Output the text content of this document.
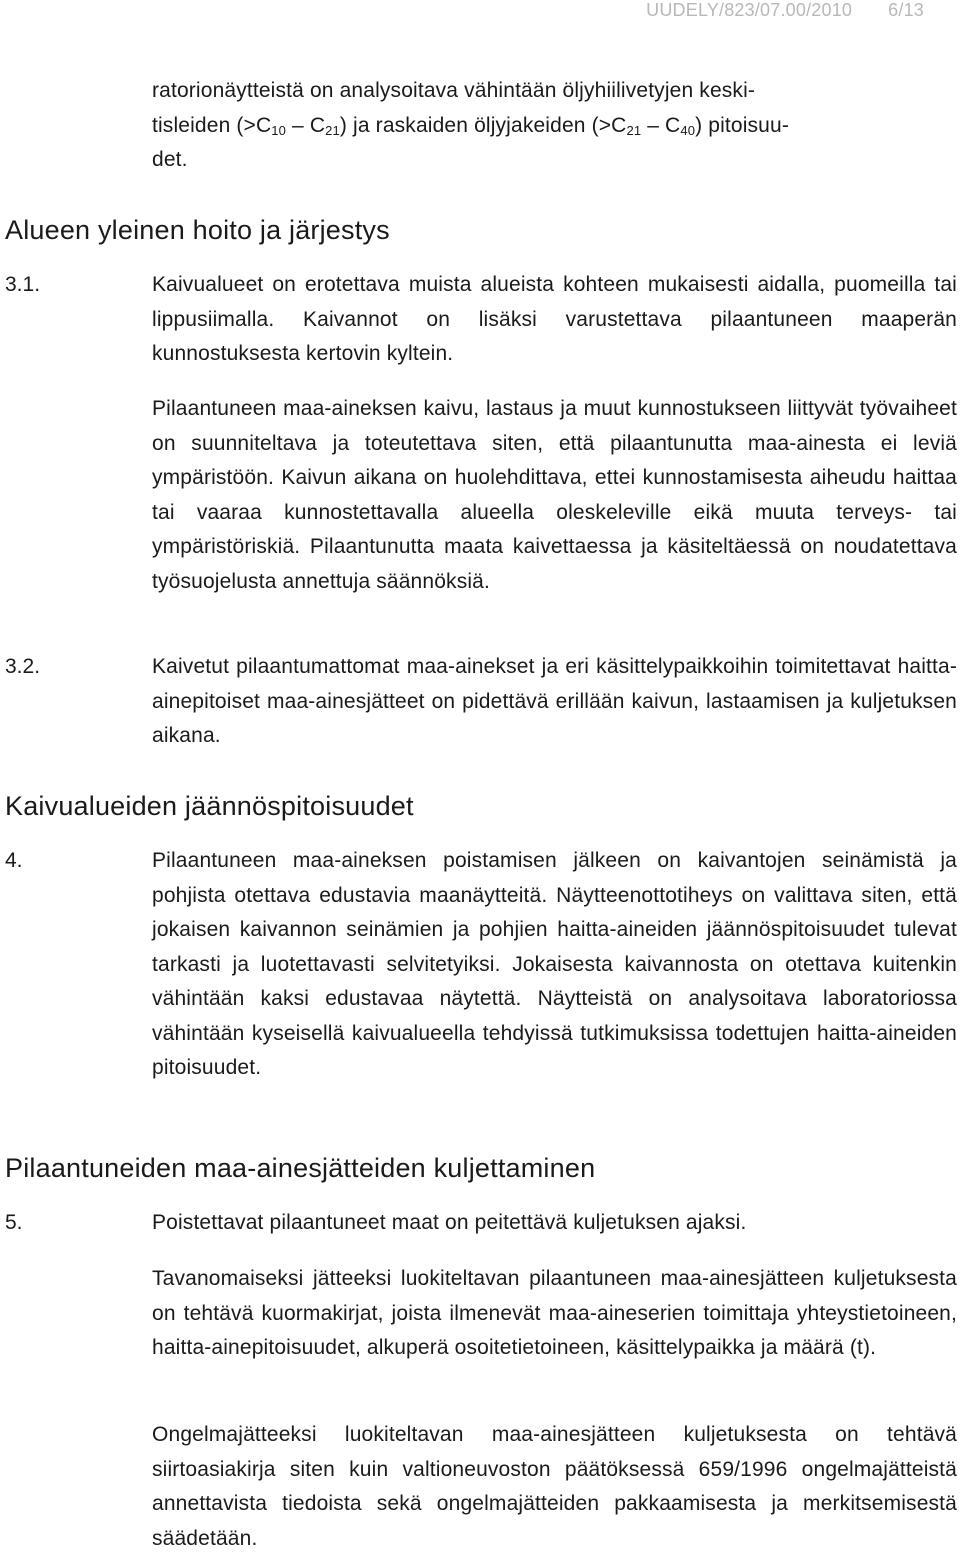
UUDELY/823/07.00/2010 6/13

ratorionäytteistä on analysoitava vähintään öljyhiilivetyjen keski-
tisleiden $(>C_{10} - C_{21})$ ja raskaiden öljyjakeiden $(>C_{21} - C_{40})$ pitoisuu-
det.

Alueen yleinen hoito ja järjestys
3.1.	Kaivualueet on erotettava muista alueista kohteen mukaisesti aidalla, puomeilla tai lippusiimalla. Kaivannot on lisäksi varustettava pilaantuneen maaperän kunnostuksesta kertovin kyltein.

Pilaantuneen maa-aineksen kaivu, lastaus ja muut kunnostukseen liittyvät työvaiheet on suunniteltava ja toteutettava siten, että pilaantunutta maa-ainesta ei leviä ympäristöön. Kaivun aikana on huolehdittava, ettei kunnostamisesta aiheudu haittaa tai vaaraa kunnostettavalla alueella oleskeleville eikä muuta terveys- tai ympäristöriskiä. Pilaantunutta maata kaivettaessa ja käsiteltäessä on noudatettava työsuojelusta annettuja säännöksiä.

3.2.	Kaivetut pilaantumattomat maa-ainekset ja eri käsittelypaikkoihin toimitettavat haitta-ainepitoiset maa-ainesjätteet on pidettävä erillään kaivun, lastaamisen ja kuljetuksen aikana.

Kaivualueiden jäännöspitoisuudet
4.	Pilaantuneen maa-aineksen poistamisen jälkeen on kaivantojen seinämistä ja pohjista otettava edustavia maanäytteitä. Näytteenottotiheys on valittava siten, että jokaisen kaivannon seinämien ja pohjien haitta-aineiden jäännöspitoisuudet tulevat tarkasti ja luotettavasti selvitetyiksi. Jokaisesta kaivannosta on otettava kuitenkin vähintään kaksi edustavaa näytettä. Näytteistä on analysoitava laboratoriossa vähintään kyseisellä kaivualueella tehdyissä tutkimuksissa todettujen haitta-aineiden pitoisuudet.

Pilaantuneiden maa-ainesjätteiden kuljettaminen
5.	Poistettavat pilaantuneet maat on peitettävä kuljetuksen ajaksi.

Tavanomaiseksi jätteeksi luokiteltavan pilaantuneen maa-ainesjätteen kuljetuksesta on tehtävä kuormakirjat, joista ilmenevät maa-aineserien toimittaja yhteystietoineen, haitta-ainepitoisuudet, alkuperä osoitetietoineen, käsittelypaikka ja määrä (t).

Ongelmajätteeksi luokiteltavan maa-ainesjätteen kuljetuksesta on tehtävä siirtoasiakirja siten kuin valtioneuvoston päätöksessä 659/1996 ongelmajätteistä annettavista tiedoista sekä ongelmajätteiden pakkaamisesta ja merkitsemisestä säädetään.
